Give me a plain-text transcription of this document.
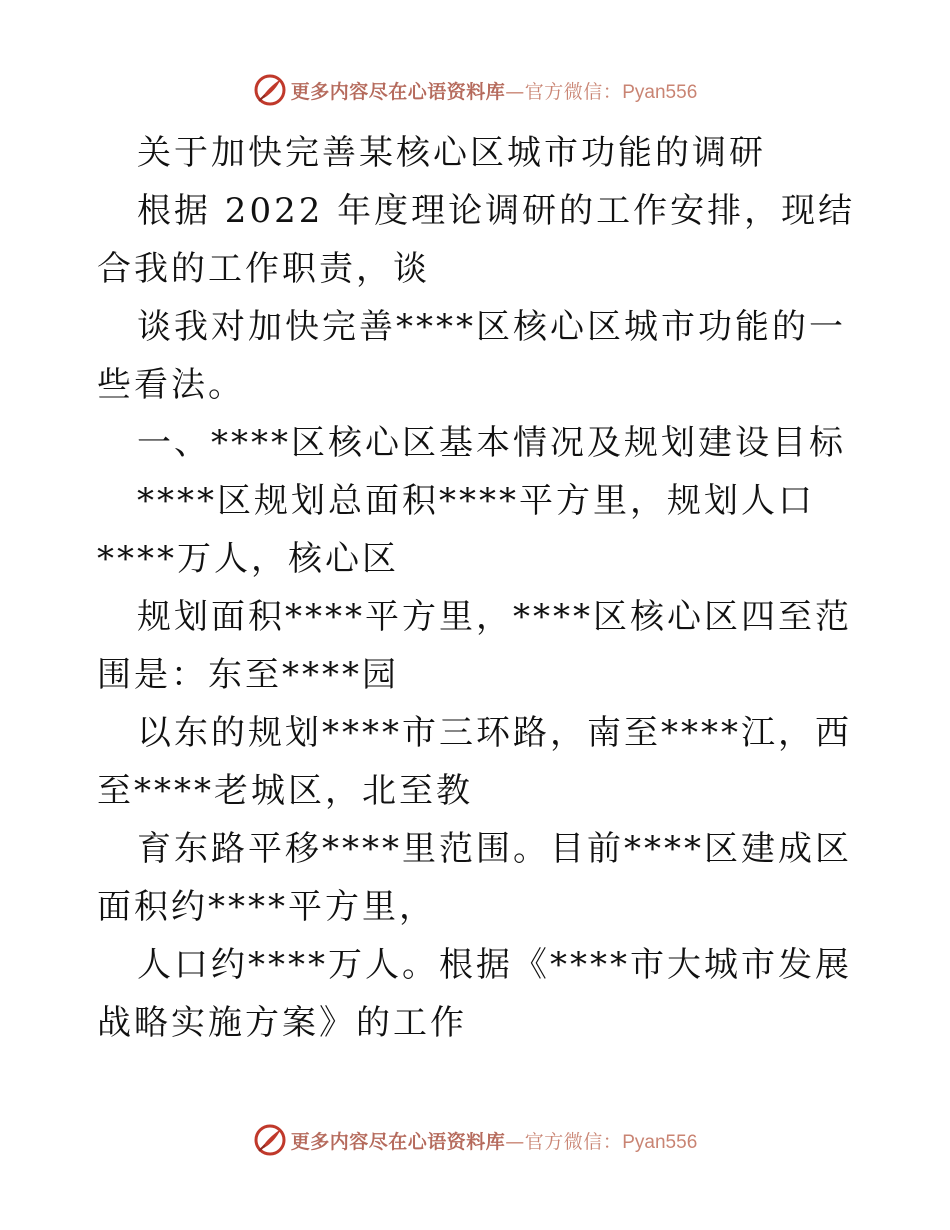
更多内容尽在心语资料库 —官方微信：Pyan556

关于加快完善某核心区城市功能的调研

根据 2022 年度理论调研的工作安排，现结合我的工作职责，谈

谈我对加快完善****区核心区城市功能的一些看法。

一、****区核心区基本情况及规划建设目标

****区规划总面积****平方里，规划人口****万人，核心区

规划面积****平方里，****区核心区四至范围是：东至****园

以东的规划****市三环路，南至****江，西至****老城区，北至教

育东路平移****里范围。目前****区建成区面积约****平方里，

人口约****万人。根据《****市大城市发展战略实施方案》的工作

更多内容尽在心语资料库 —官方微信：Pyan556
